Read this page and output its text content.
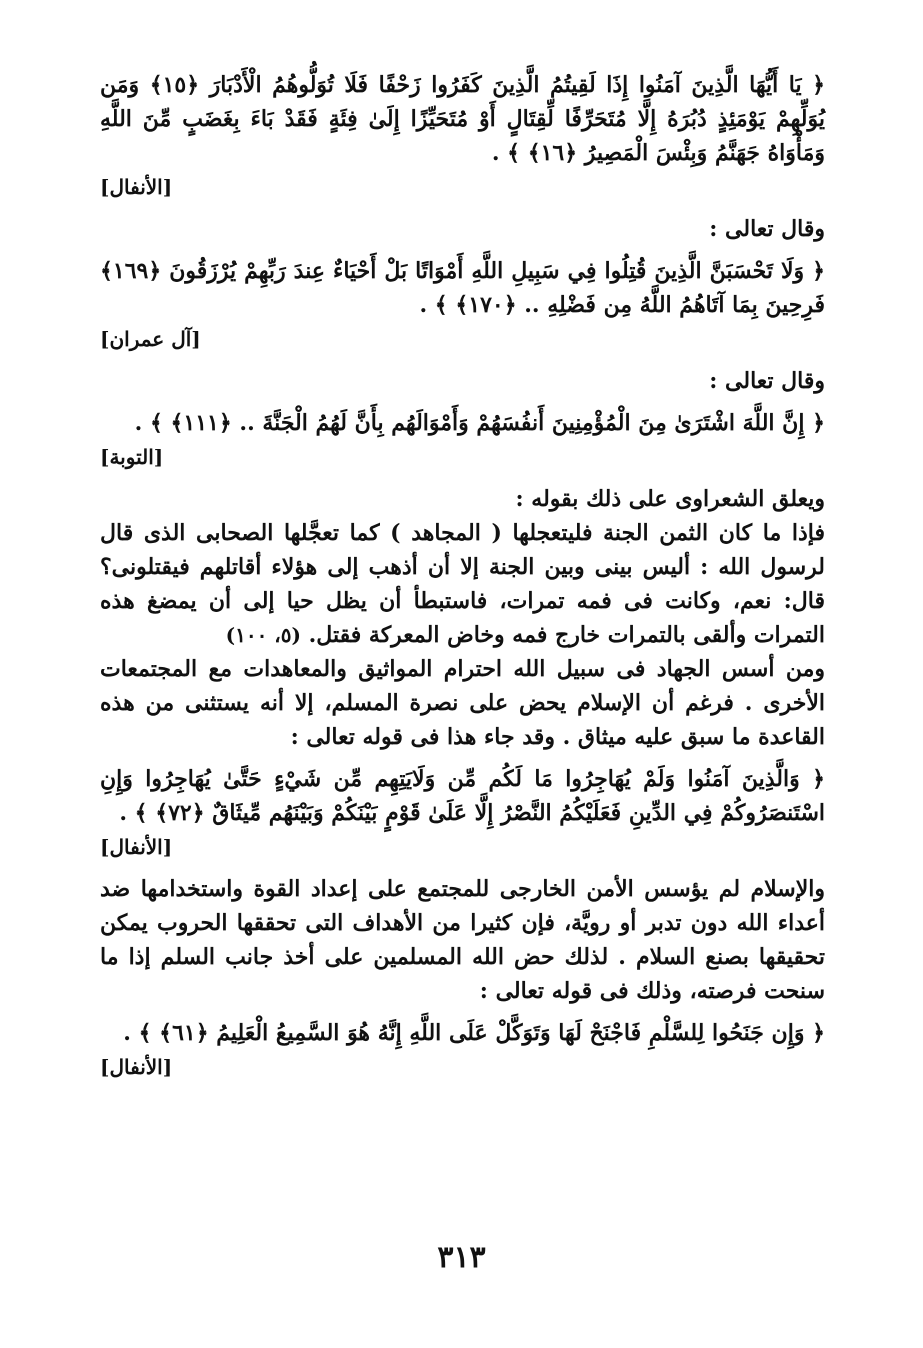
﴿ يَا أَيُّهَا الَّذِينَ آمَنُوا إِذَا لَقِيتُمُ الَّذِينَ كَفَرُوا زَحْفًا فَلَا تُوَلُّوهُمُ الْأَدْبَارَ ﴿١٥﴾ وَمَن يُوَلِّهِمْ يَوْمَئِذٍ دُبُرَهُ إِلَّا مُتَحَرِّفًا لِّقِتَالٍ أَوْ مُتَحَيِّزًا إِلَىٰ فِئَةٍ فَقَدْ بَاءَ بِغَضَبٍ مِّنَ اللَّهِ وَمَأْوَاهُ جَهَنَّمُ وَبِئْسَ الْمَصِيرُ ﴿١٦﴾ ﴾ .
[الأنفال]
وقال تعالى :
﴿ وَلَا تَحْسَبَنَّ الَّذِينَ قُتِلُوا فِي سَبِيلِ اللَّهِ أَمْوَاتًا بَلْ أَحْيَاءٌ عِندَ رَبِّهِمْ يُرْزَقُونَ ﴿١٦٩﴾ فَرِحِينَ بِمَا آتَاهُمُ اللَّهُ مِن فَضْلِهِ .. ﴿١٧٠﴾ ﴾ .
[آل عمران]
وقال تعالى :
﴿ إِنَّ اللَّهَ اشْتَرَىٰ مِنَ الْمُؤْمِنِينَ أَنفُسَهُمْ وَأَمْوَالَهُم بِأَنَّ لَهُمُ الْجَنَّةَ .. ﴿١١١﴾ ﴾ .
[التوبة]
ويعلق الشعراوى على ذلك بقوله :
فإذا ما كان الثمن الجنة فليتعجلها ( المجاهد ) كما تعجَّلها الصحابى الذى قال لرسول الله : أليس بينى وبين الجنة إلا أن أذهب إلى هؤلاء أقاتلهم فيقتلونى؟ قال: نعم، وكانت فى فمه تمرات، فاستبطأ أن يظل حيا إلى أن يمضغ هذه التمرات وألقى بالتمرات خارج فمه وخاض المعركة فقتل. (٥، ١٠٠)
ومن أسس الجهاد فى سبيل الله احترام المواثيق والمعاهدات مع المجتمعات الأخرى . فرغم أن الإسلام يحض على نصرة المسلم، إلا أنه يستثنى من هذه القاعدة ما سبق عليه ميثاق . وقد جاء هذا فى قوله تعالى :
﴿ وَالَّذِينَ آمَنُوا وَلَمْ يُهَاجِرُوا مَا لَكُم مِّن وَلَايَتِهِم مِّن شَيْءٍ حَتَّىٰ يُهَاجِرُوا وَإِنِ اسْتَنصَرُوكُمْ فِي الدِّينِ فَعَلَيْكُمُ النَّصْرُ إِلَّا عَلَىٰ قَوْمٍ بَيْنَكُمْ وَبَيْنَهُم مِّيثَاقٌ ﴿٧٢﴾ ﴾ .
[الأنفال]
والإسلام لم يؤسس الأمن الخارجى للمجتمع على إعداد القوة واستخدامها ضد أعداء الله دون تدبر أو رويَّة، فإن كثيرا من الأهداف التى تحققها الحروب يمكن تحقيقها بصنع السلام . لذلك حض الله المسلمين على أخذ جانب السلم إذا ما سنحت فرصته، وذلك فى قوله تعالى :
﴿ وَإِن جَنَحُوا لِلسَّلْمِ فَاجْنَحْ لَهَا وَتَوَكَّلْ عَلَى اللَّهِ إِنَّهُ هُوَ السَّمِيعُ الْعَلِيمُ ﴿٦١﴾ ﴾ .
[الأنفال]
٣١٣
